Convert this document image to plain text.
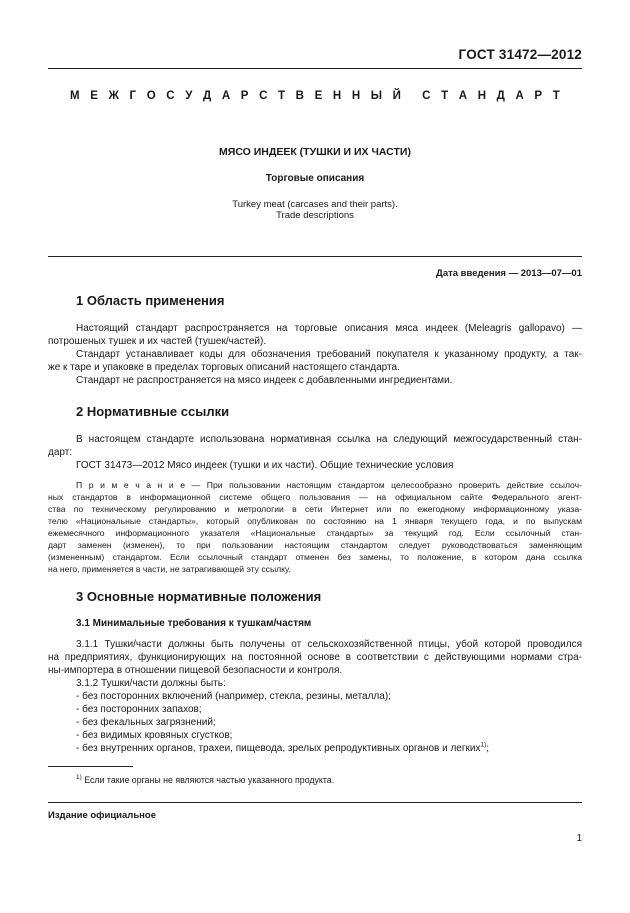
ГОСТ 31472—2012
М Е Ж Г О С У Д А Р С Т В Е Н Н Ы Й С Т А Н Д А Р Т
МЯСО ИНДЕЕК (ТУШКИ И ИХ ЧАСТИ)
Торговые описания
Turkey meat (carcases and their parts).
Trade descriptions
Дата введения — 2013—07—01
1 Область применения
Настоящий стандарт распространяется на торговые описания мяса индеек (Meleagris gallopavo) —
потрошеных тушек и их частей (тушек/частей).
Стандарт устанавливает коды для обозначения требований покупателя к указанному продукту, а так-
же к таре и упаковке в пределах торговых описаний настоящего стандарта.
Стандарт не распространяется на мясо индеек с добавленными ингредиентами.
2 Нормативные ссылки
В настоящем стандарте использована нормативная ссылка на следующий межгосударственный стан-
дарт:
ГОСТ 31473—2012 Мясо индеек (тушки и их части). Общие технические условия
П р и м е ч а н и е — При пользовании настоящим стандартом целесообразно проверить действие ссылоч-
ных стандартов в информационной системе общего пользования — на официальном сайте Федерального агент-
ства по техническому регулированию и метрологии в сети Интернет или по ежегодному информационному указа-
телю «Национальные стандарты», который опубликован по состоянию на 1 января текущего года, и по выпускам
ежемесячного информационного указателя «Национальные стандарты» за текущий год. Если ссылочный стан-
дарт заменен (изменен), то при пользовании настоящим стандартом следует руководствоваться заменяющим
(измененным) стандартом. Если ссылочный стандарт отменен без замены, то положение, в котором дана ссылка
на него, применяется в части, не затрагивающей эту ссылку.
3 Основные нормативные положения
3.1 Минимальные требования к тушкам/частям
3.1.1 Тушки/части должны быть получены от сельскохозяйственной птицы, убой которой проводился
на предприятиях, функционирующих на постоянной основе в соответствии с действующими нормами стра-
ны-импортера в отношении пищевой безопасности и контроля.
3.1.2 Тушки/части должны быть:
- без посторонних включений (например, стекла, резины, металла);
- без посторонних запахов;
- без фекальных загрязнений;
- без видимых кровяных сгустков;
- без внутренних органов, трахеи, пищевода, зрелых репродуктивных органов и легких$^{1)}$;
$^{1)}$ Если такие органы не являются частью указанного продукта.
Издание официальное
1
